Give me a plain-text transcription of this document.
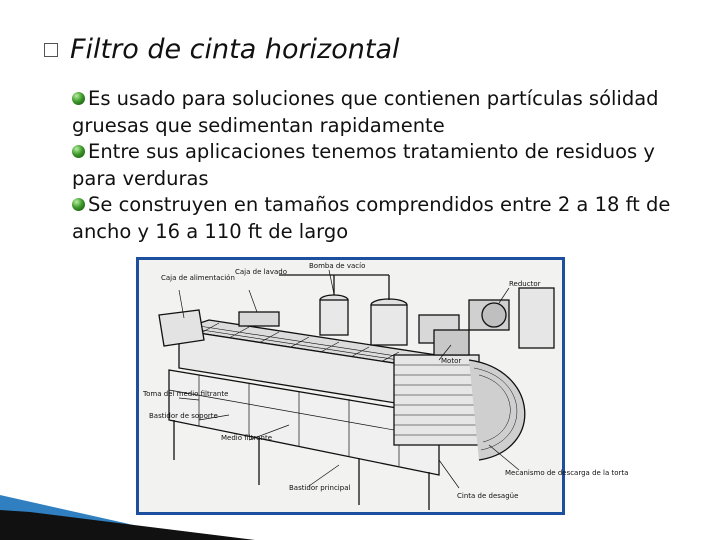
Filtro de cinta horizontal

Es usado para soluciones que contienen partículas sólidad gruesas que sedimentan rapidamente

Entre sus aplicaciones tenemos tratamiento de residuos y para verduras

Se construyen en tamaños comprendidos entre 2 a 18 ft de ancho y 16 a 110 ft de largo

Caja de alimentación
Caja de lavado
Bomba de vacío
Reductor
Motor
Toma del medio filtrante
Bastidor de soporte
Medio filtrante
Bastidor principal
Cinta de desagüe
Mecanismo de descarga de la torta
